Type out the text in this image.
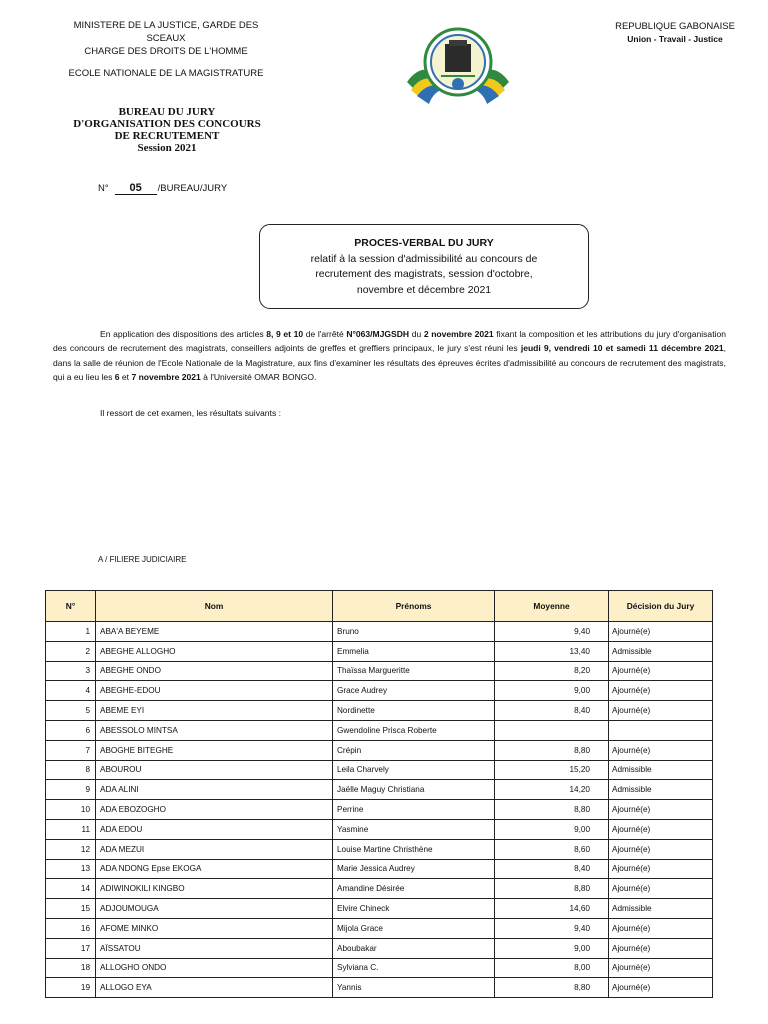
MINISTERE DE LA JUSTICE, GARDE DES
SCEAUX
CHARGE DES DROITS DE L'HOMME
ECOLE NATIONALE DE LA MAGISTRATURE
REPUBLIQUE GABONAISE
Union - Travail - Justice
BUREAU DU JURY
D'ORGANISATION DES CONCOURS
DE RECRUTEMENT
Session 2021
N° 05 /BUREAU/JURY
PROCES-VERBAL DU JURY
relatif à la session d'admissibilité au concours de
recrutement des magistrats, session d'octobre,
novembre et décembre 2021

En application des dispositions des articles 8, 9 et 10 de l'arrêté N°063/MJGSDH du 2 novembre 2021 fixant la composition et les attributions du jury d'organisation des concours de recrutement des magistrats, conseillers adjoints de greffes et greffiers principaux, le jury s'est réuni les jeudi 9, vendredi 10 et samedi 11 décembre 2021, dans la salle de réunion de l'Ecole Nationale de la Magistrature, aux fins d'examiner les résultats des épreuves écrites d'admissibilité au concours de recrutement des magistrats, qui a eu lieu les 6 et 7 novembre 2021 à l'Université OMAR BONGO.

Il ressort de cet examen, les résultats suivants :
A / FILIERE JUDICIAIRE
N°	Nom	Prénoms	Moyenne	Décision du Jury
1	ABA'A BEYEME	Bruno	9,40	Ajourné(e)
2	ABEGHE ALLOGHO	Emmelia	13,40	Admissible
3	ABEGHE ONDO	Thaïssa Margueritte	8,20	Ajourné(e)
4	ABEGHE-EDOU	Grace Audrey	9,00	Ajourné(e)
5	ABEME EYI	Nordinette	8,40	Ajourné(e)
6	ABESSOLO MINTSA	Gwendoline Prisca Roberte		
7	ABOGHE BITEGHE	Crépin	8,80	Ajourné(e)
8	ABOUROU	Leila Charvely	15,20	Admissible
9	ADA ALINI	Jaëlle Maguy Christiana	14,20	Admissible
10	ADA EBOZOGHO	Perrine	8,80	Ajourné(e)
11	ADA EDOU	Yasmine	9,00	Ajourné(e)
12	ADA MEZUI	Louise Martine Christhène	8,60	Ajourné(e)
13	ADA NDONG Epse EKOGA	Marie Jessica Audrey	8,40	Ajourné(e)
14	ADIWINOKILI KINGBO	Amandine Désirée	8,80	Ajourné(e)
15	ADJOUMOUGA	Elvire Chineck	14,60	Admissible
16	AFOME MINKO	Mijola Grace	9,40	Ajourné(e)
17	AÏSSATOU	Aboubakar	9,00	Ajourné(e)
18	ALLOGHO ONDO	Sylviana C.	8,00	Ajourné(e)
19	ALLOGO EYA	Yannis	8,80	Ajourné(e)
